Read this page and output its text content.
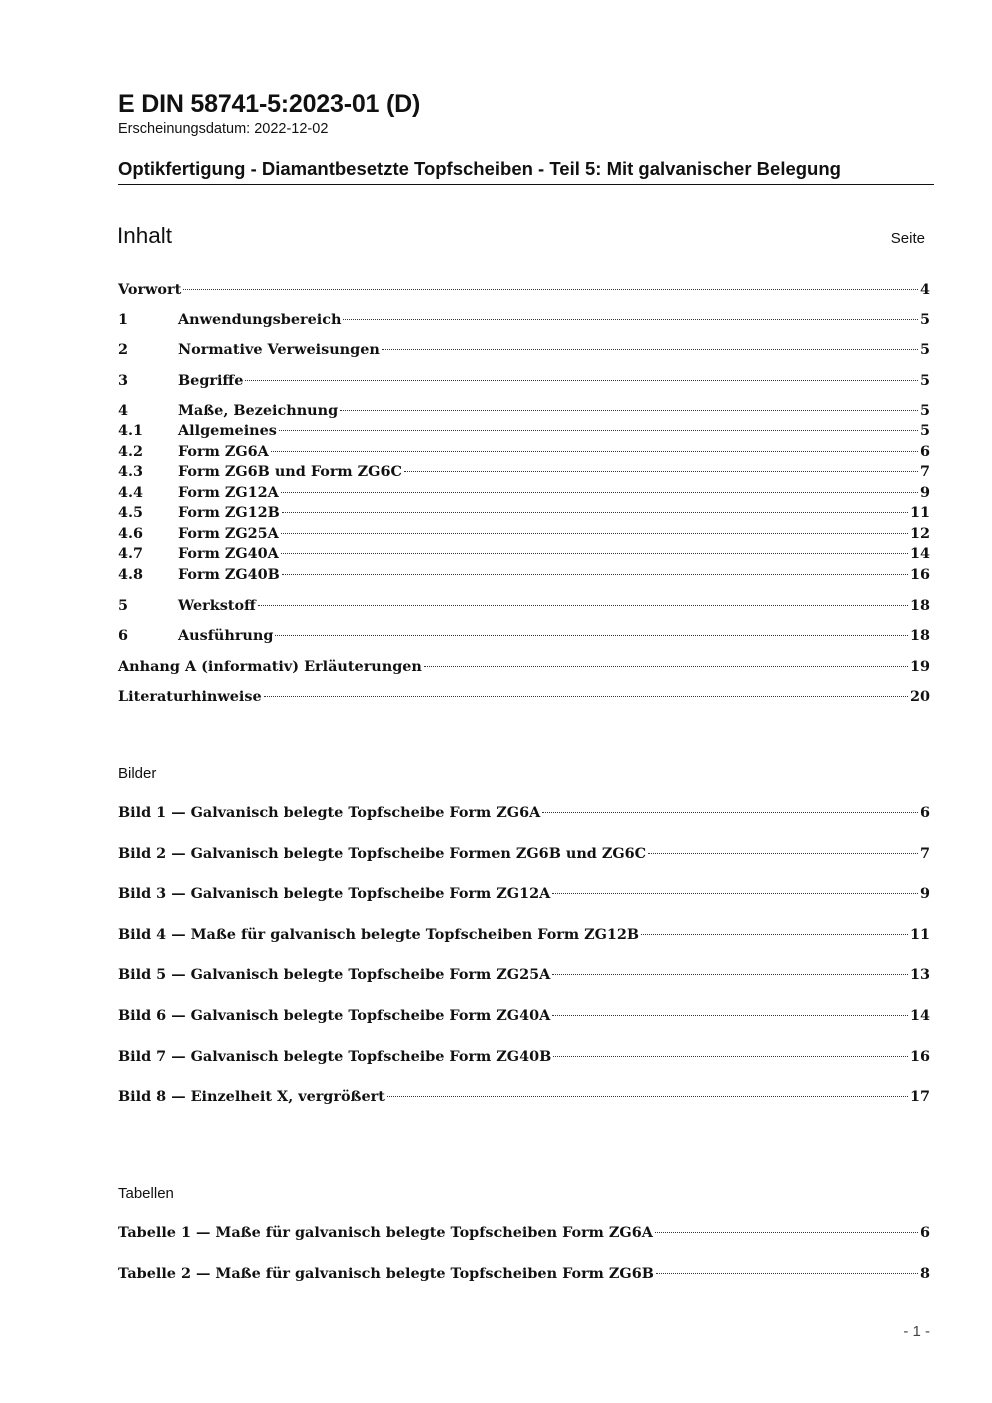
E DIN 58741-5:2023-01 (D)
Erscheinungsdatum: 2022-12-02
Optikfertigung - Diamantbesetzte Topfscheiben - Teil 5: Mit galvanischer Belegung
Inhalt	Seite
Vorwort	4
1	Anwendungsbereich	5
2	Normative Verweisungen	5
3	Begriffe	5
4	Maße, Bezeichnung	5
4.1	Allgemeines	5
4.2	Form ZG6A	6
4.3	Form ZG6B und Form ZG6C	7
4.4	Form ZG12A	9
4.5	Form ZG12B	11
4.6	Form ZG25A	12
4.7	Form ZG40A	14
4.8	Form ZG40B	16
5	Werkstoff	18
6	Ausführung	18
Anhang A (informativ) Erläuterungen	19
Literaturhinweise	20
Bilder
Bild 1 — Galvanisch belegte Topfscheibe Form ZG6A	6
Bild 2 — Galvanisch belegte Topfscheibe Formen ZG6B und ZG6C	7
Bild 3 — Galvanisch belegte Topfscheibe Form ZG12A	9
Bild 4 — Maße für galvanisch belegte Topfscheiben Form ZG12B	11
Bild 5 — Galvanisch belegte Topfscheibe Form ZG25A	13
Bild 6 — Galvanisch belegte Topfscheibe Form ZG40A	14
Bild 7 — Galvanisch belegte Topfscheibe Form ZG40B	16
Bild 8 — Einzelheit X, vergrößert	17
Tabellen
Tabelle 1 — Maße für galvanisch belegte Topfscheiben Form ZG6A	6
Tabelle 2 — Maße für galvanisch belegte Topfscheiben Form ZG6B	8
- 1 -
